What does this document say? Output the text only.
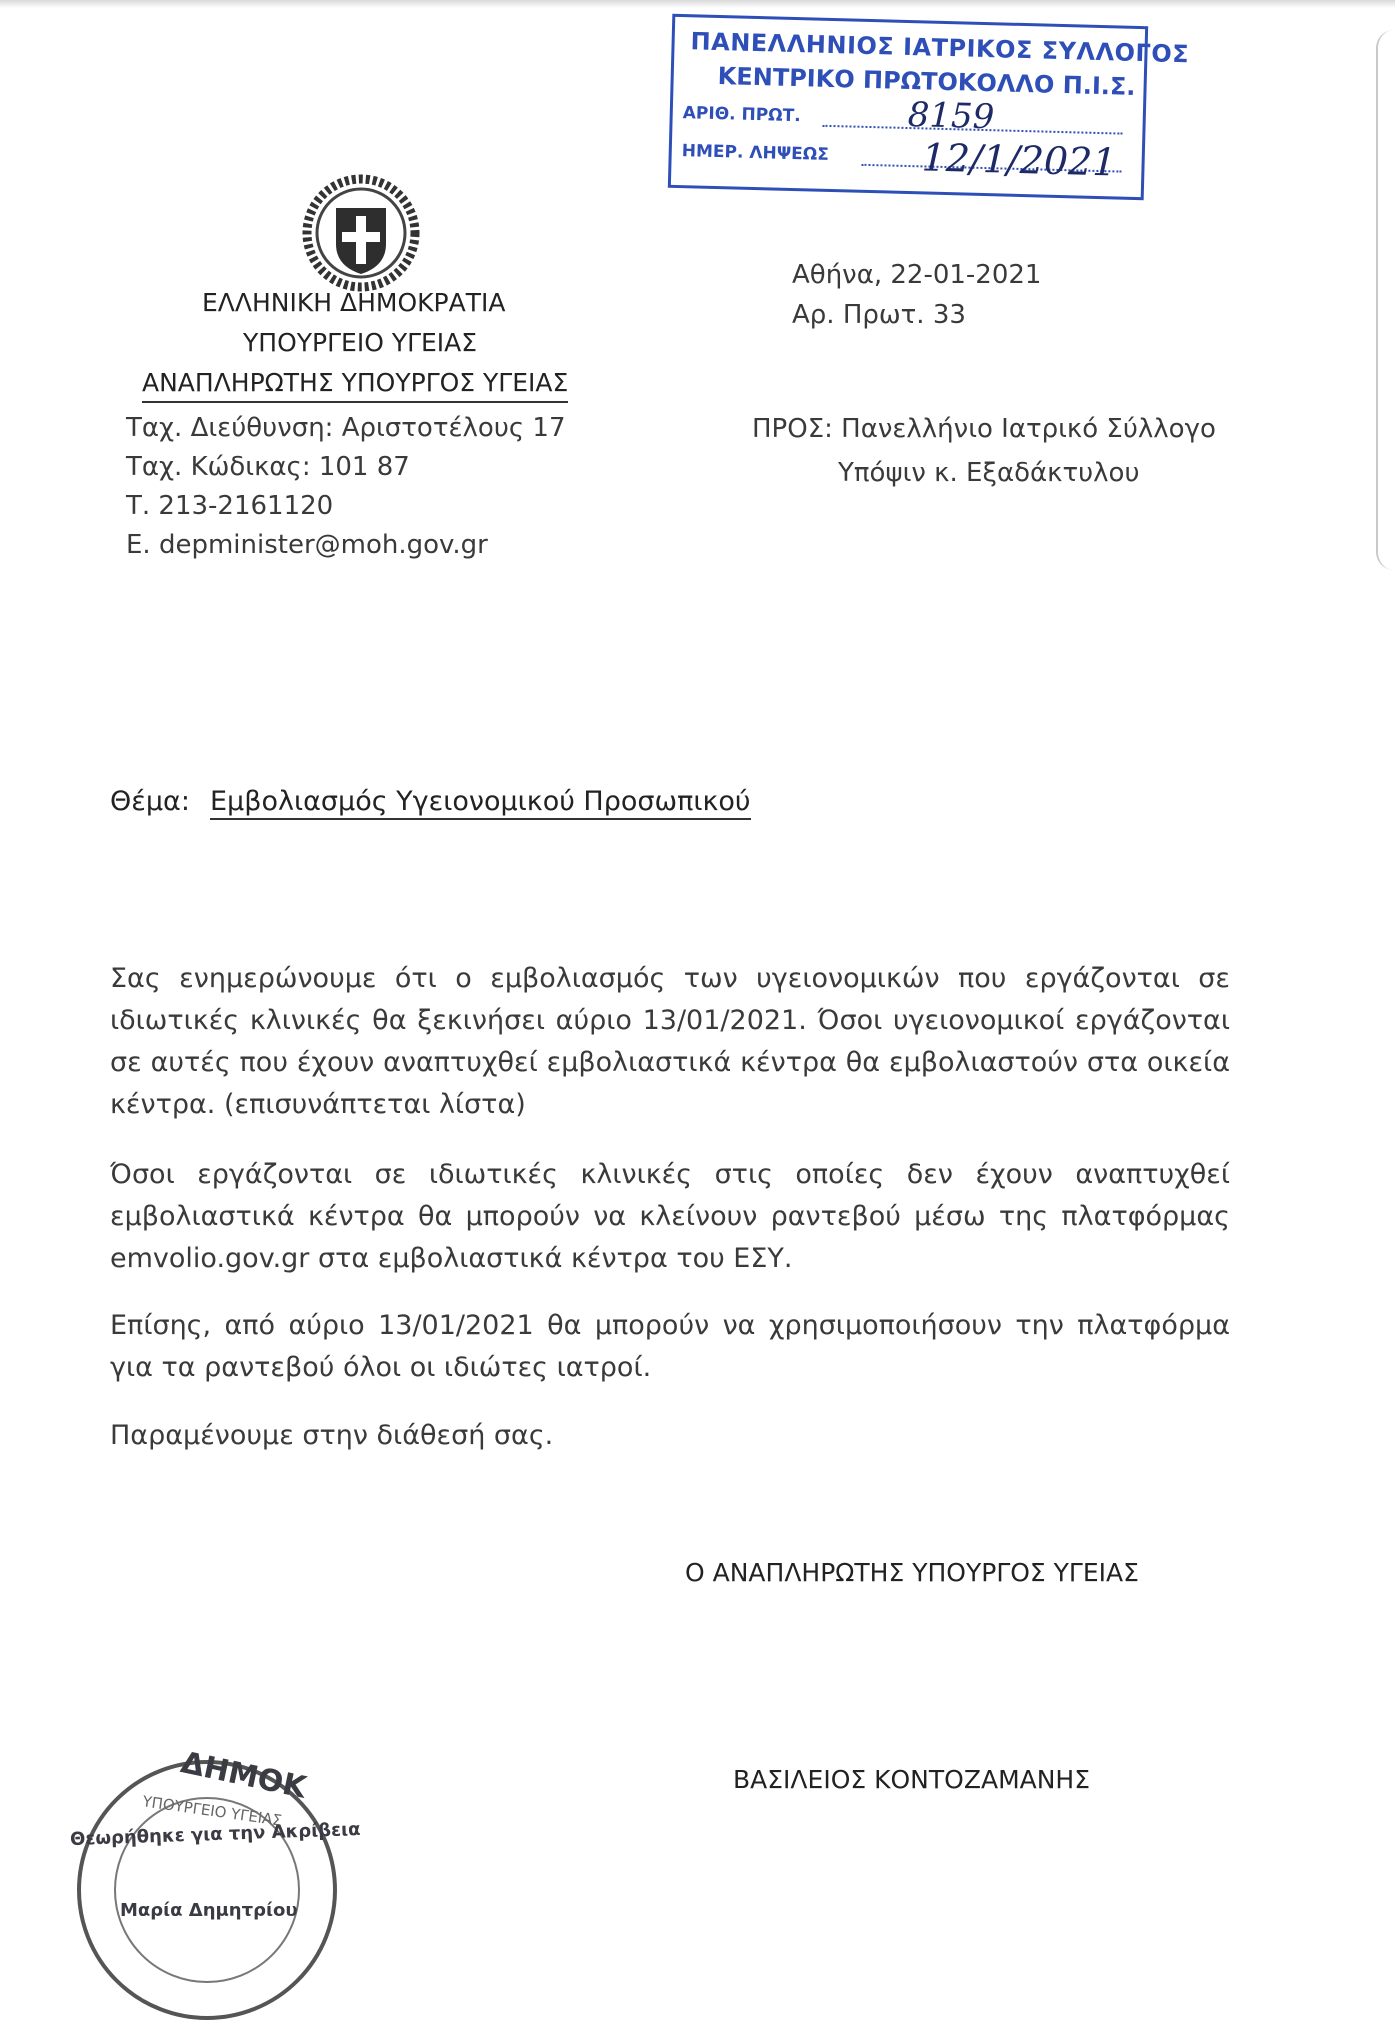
ΠΑΝΕΛΛΗΝΙΟΣ ΙΑΤΡΙΚΟΣ ΣΥΛΛΟΓΟΣ
ΚΕΝΤΡΙΚΟ ΠΡΩΤΟΚΟΛΛΟ Π.Ι.Σ.
ΑΡΙΘ. ΠΡΩΤ.	8159
ΗΜΕΡ. ΛΗΨΕΩΣ 12/1/2021
ΕΛΛΗΝΙΚΗ ΔΗΜΟΚΡΑΤΙΑ
ΥΠΟΥΡΓΕΙΟ ΥΓΕΙΑΣ
ΑΝΑΠΛΗΡΩΤΗΣ ΥΠΟΥΡΓΟΣ ΥΓΕΙΑΣ
Ταχ. Διεύθυνση: Αριστοτέλους 17
Ταχ. Κώδικας: 101 87
Τ. 213-2161120
E. depminister@moh.gov.gr
Αθήνα, 22-01-2021
Αρ. Πρωτ. 33
ΠΡΟΣ: Πανελλήνιο Ιατρικό Σύλλογο
Υπόψιν κ. Εξαδάκτυλου
Θέμα: Εμβολιασμός Υγειονομικού Προσωπικού
Σας ενημερώνουμε ότι ο εμβολιασμός των υγειονομικών που εργάζονται σε ιδιωτικές κλινικές θα ξεκινήσει αύριο 13/01/2021. Όσοι υγειονομικοί εργάζονται σε αυτές που έχουν αναπτυχθεί εμβολιαστικά κέντρα θα εμβολιαστούν στα οικεία κέντρα. (επισυνάπτεται λίστα)
Όσοι εργάζονται σε ιδιωτικές κλινικές στις οποίες δεν έχουν αναπτυχθεί εμβολιαστικά κέντρα θα μπορούν να κλείνουν ραντεβού μέσω της πλατφόρμας emvolio.gov.gr στα εμβολιαστικά κέντρα του ΕΣΥ.
Επίσης, από αύριο 13/01/2021 θα μπορούν να χρησιμοποιήσουν την πλατφόρμα για τα ραντεβού όλοι οι ιδιώτες ιατροί.
Παραμένουμε στην διάθεσή σας.
Ο ΑΝΑΠΛΗΡΩΤΗΣ ΥΠΟΥΡΓΟΣ ΥΓΕΙΑΣ
ΒΑΣΙΛΕΙΟΣ ΚΟΝΤΟΖΑΜΑΝΗΣ
ΔΗΜΟΚ
ΥΠΟΥΡΓΕΙΟ ΥΓΕΙΑΣ
Θεωρήθηκε για την Ακρίβεια
Μαρία Δημητρίου
